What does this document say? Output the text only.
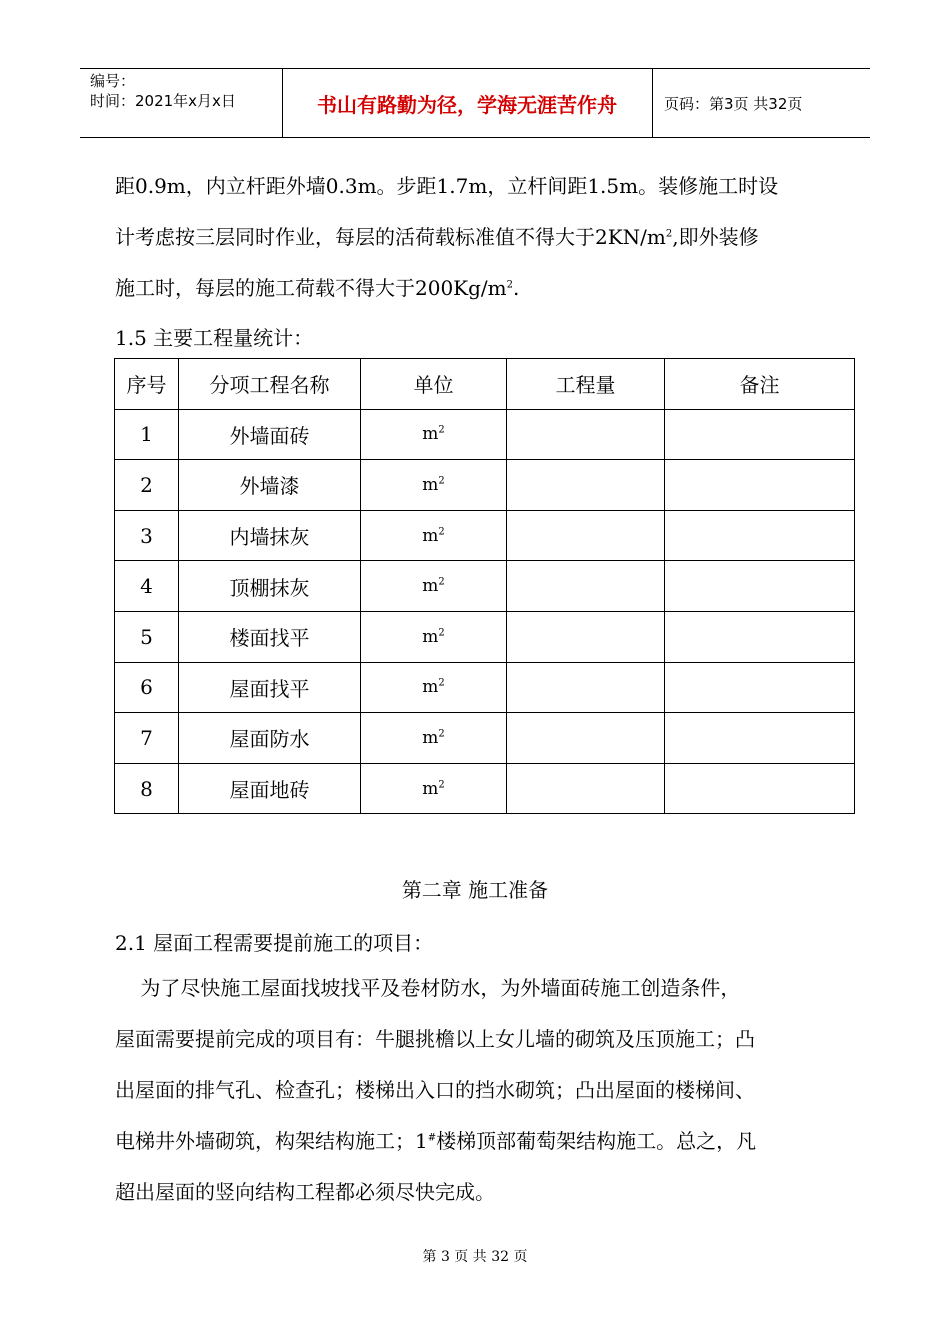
编号：
时间：2021年x月x日	书山有路勤为径，学海无涯苦作舟	页码：第3页 共32页
距0.9m，内立杆距外墙0.3m。步距1.7m，立杆间距1.5m。装修施工时设
计考虑按三层同时作业，每层的活荷载标准值不得大于$2KN/m^2$,即外装修
施工时，每层的施工荷载不得大于$200Kg/m^2$.
1.5 主要工程量统计：
序号	分项工程名称	单位	工程量	备注
1	外墙面砖	$m^2$		
2	外墙漆	$m^2$		
3	内墙抹灰	$m^2$		
4	顶棚抹灰	$m^2$		
5	楼面找平	$m^2$		
6	屋面找平	$m^2$		
7	屋面防水	$m^2$		
8	屋面地砖	$m^2$		
第二章 施工准备
2.1 屋面工程需要提前施工的项目：
为了尽快施工屋面找坡找平及卷材防水，为外墙面砖施工创造条件，
屋面需要提前完成的项目有：牛腿挑檐以上女儿墙的砌筑及压顶施工；凸
出屋面的排气孔、检查孔；楼梯出入口的挡水砌筑；凸出屋面的楼梯间、
电梯井外墙砌筑，构架结构施工；1#楼梯顶部葡萄架结构施工。总之，凡
超出屋面的竖向结构工程都必须尽快完成。
第 3 页 共 32 页
